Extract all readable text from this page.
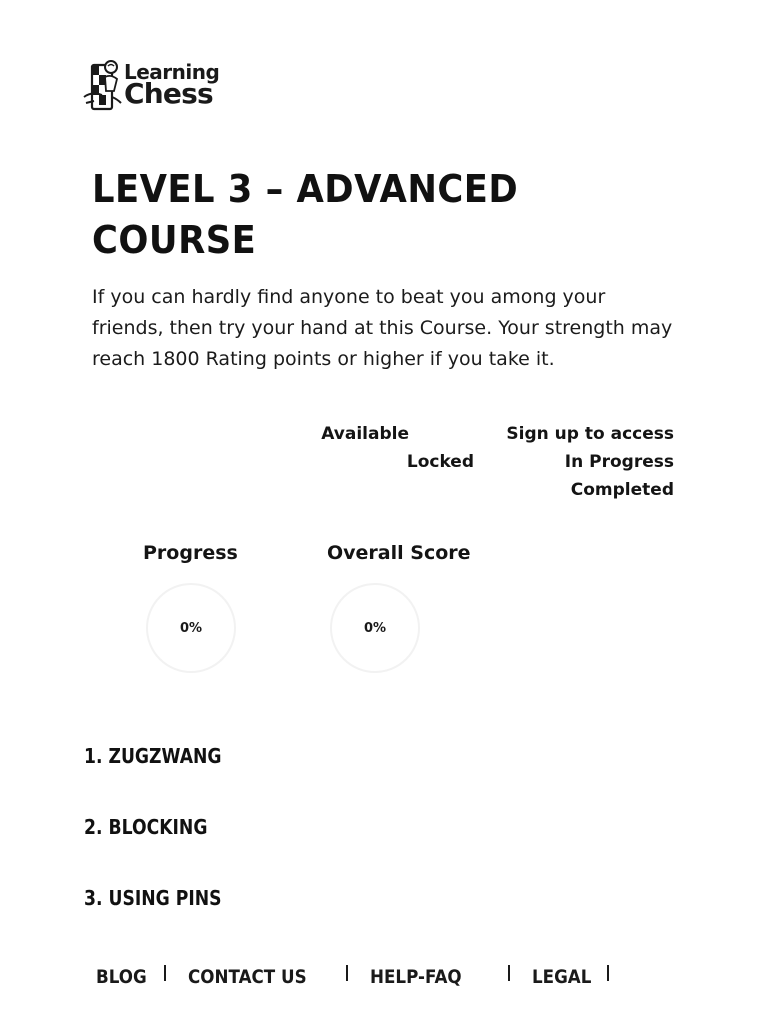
Learning
Chess
LEVEL 3 – ADVANCED COURSE

If you can hardly find anyone to beat you among your friends, then try your hand at this Course. Your strength may reach 1800 Rating points or higher if you take it.

Available	Sign up to access
Locked	In Progress
Completed
Progress	Overall Score
0%	0%
1. ZUGZWANG
2. BLOCKING
3. USING PINS
BLOG	CONTACT US	HELP-FAQ	LEGAL
